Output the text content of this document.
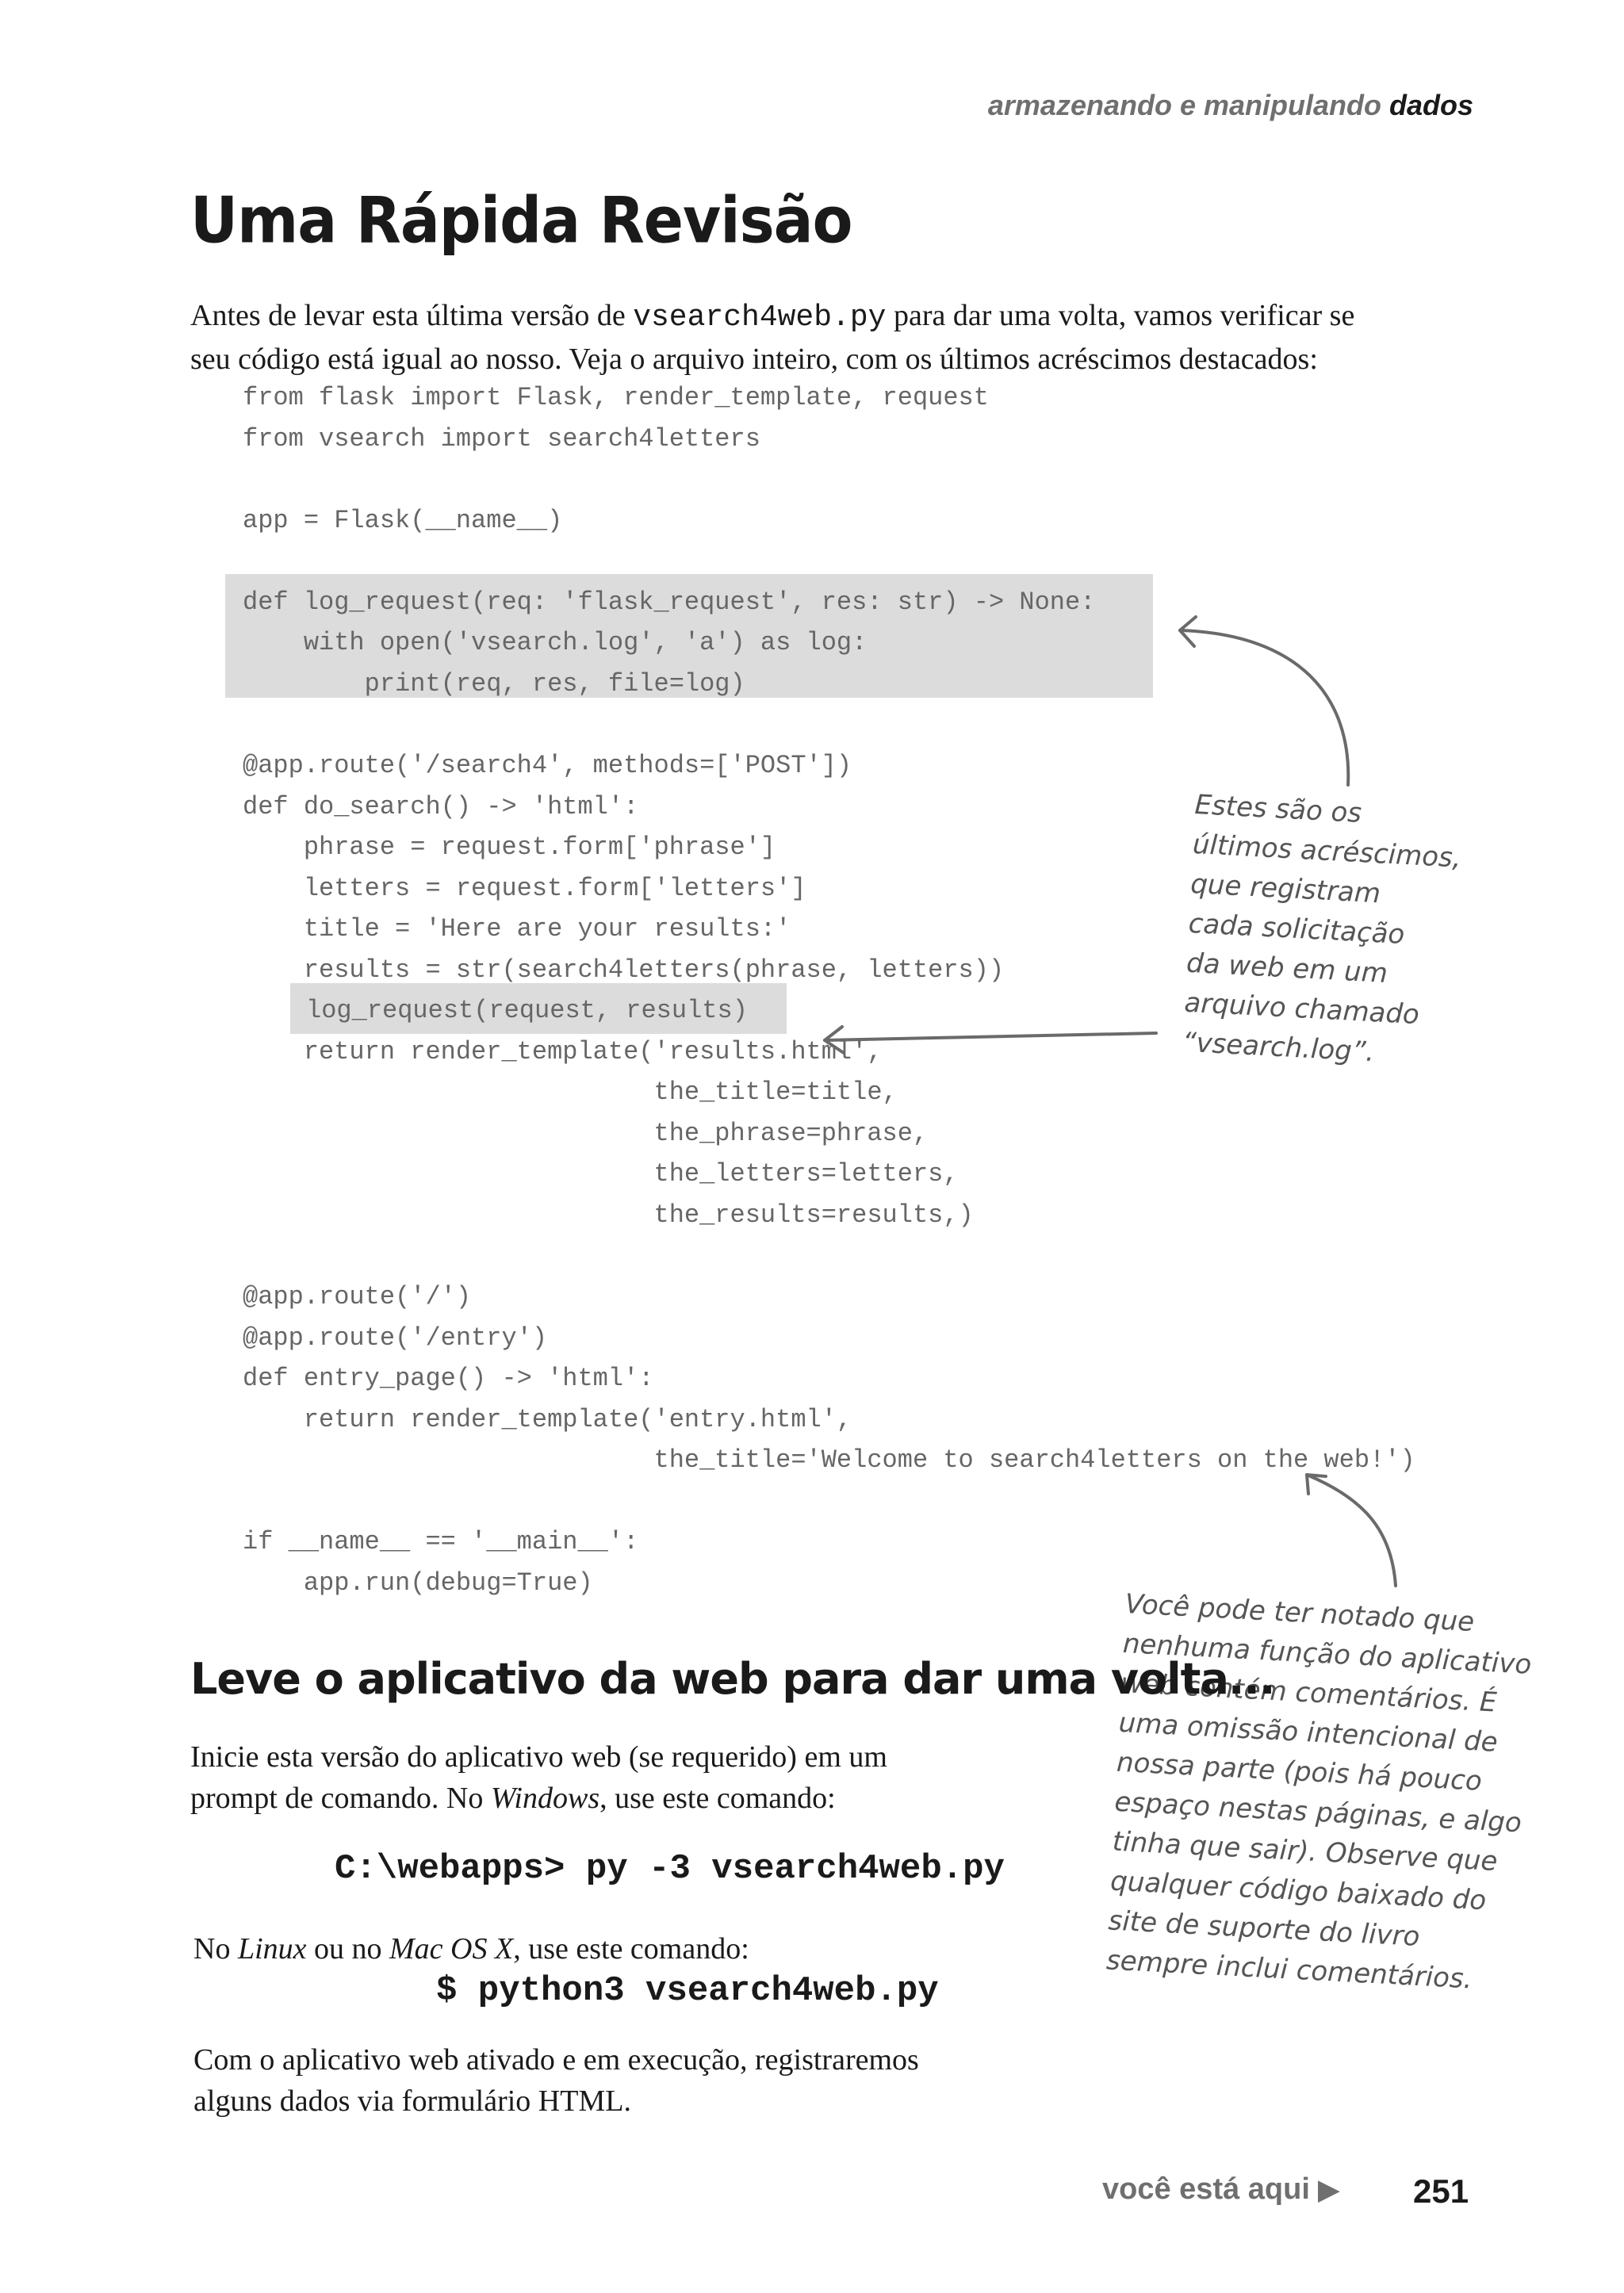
armazenando e manipulando dados
Uma Rápida Revisão
Antes de levar esta última versão de vsearch4web.py para dar uma volta, vamos verificar se
seu código está igual ao nosso. Veja o arquivo inteiro, com os últimos acréscimos destacados:
from flask import Flask, render_template, request
from vsearch import search4letters
app = Flask(__name__)
def log_request(req: 'flask_request', res: str) -> None:
with open('vsearch.log', 'a') as log:
print(req, res, file=log)
@app.route('/search4', methods=['POST'])
def do_search() -> 'html':
phrase = request.form['phrase']
letters = request.form['letters']
title = 'Here are your results:'
results = str(search4letters(phrase, letters))
log_request(request, results)
return render_template('results.html',
the_title=title,
the_phrase=phrase,
the_letters=letters,
the_results=results,)
@app.route('/')
@app.route('/entry')
def entry_page() -> 'html':
return render_template('entry.html',
the_title='Welcome to search4letters on the web!')
if __name__ == '__main__':
app.run(debug=True)
Estes são os
últimos acréscimos,
que registram
cada solicitação
da web em um
arquivo chamado
“vsearch.log”.
Você pode ter notado que
nenhuma função do aplicativo
web contém comentários. É
uma omissão intencional de
nossa parte (pois há pouco
espaço nestas páginas, e algo
tinha que sair). Observe que
qualquer código baixado do
site de suporte do livro
sempre inclui comentários.
Leve o aplicativo da web para dar uma volta...
Inicie esta versão do aplicativo web (se requerido) em um
prompt de comando. No Windows, use este comando:
C:\webapps> py -3 vsearch4web.py
No Linux ou no Mac OS X, use este comando:
$ python3 vsearch4web.py
Com o aplicativo web ativado e em execução, registraremos
alguns dados via formulário HTML.
você está aqui ▶ 251
